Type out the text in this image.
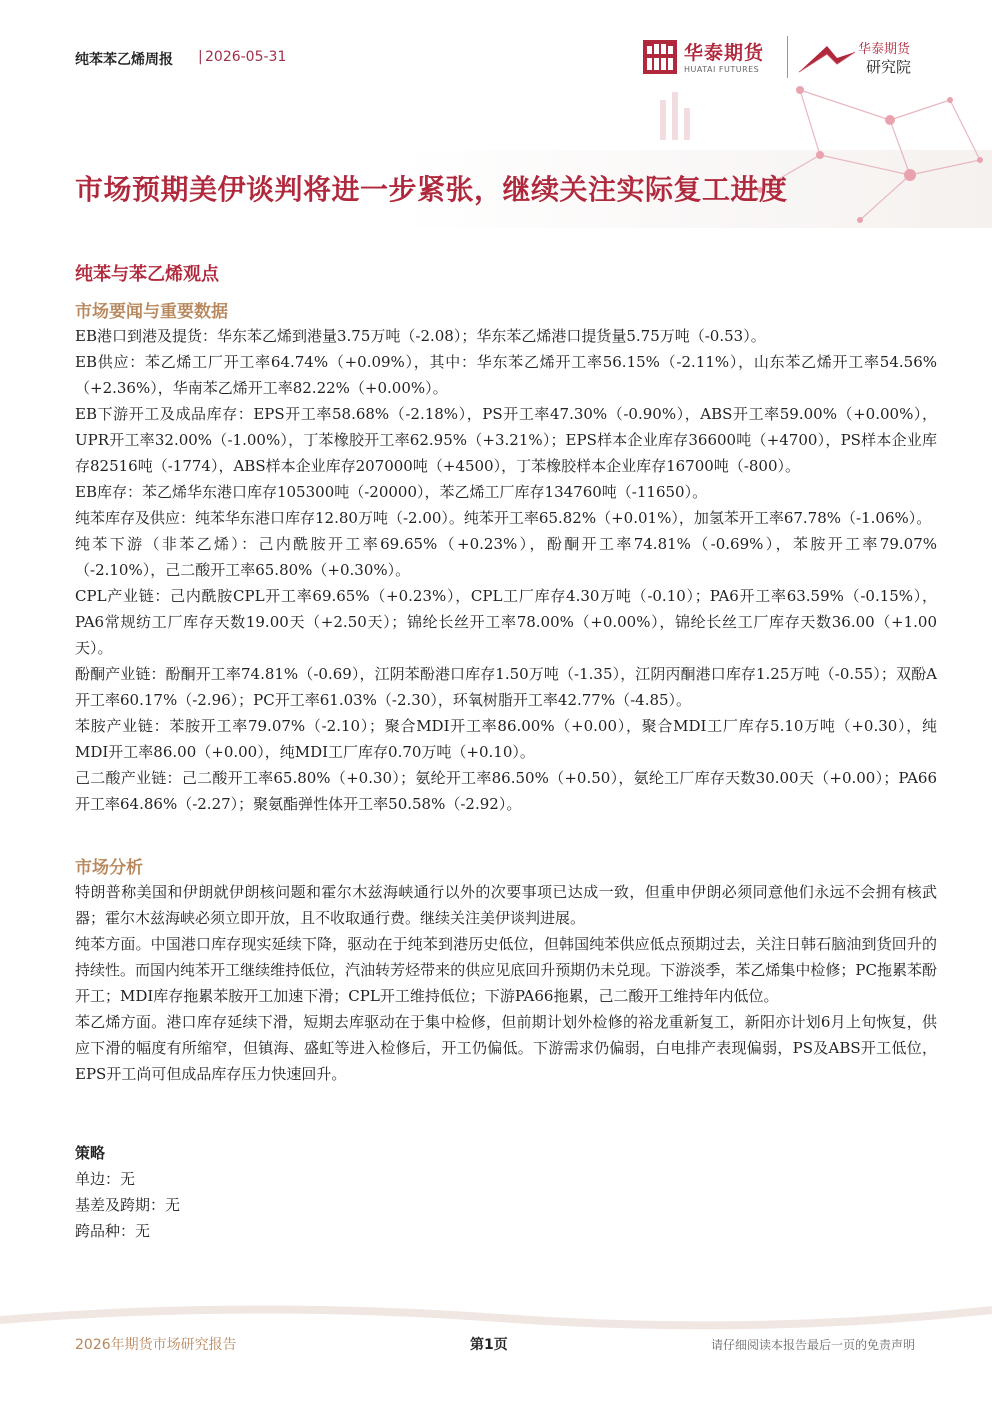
纯苯苯乙烯周报 | 2026-05-31	华泰期货
HUATAI FUTURES
华泰期货
研究院
市场预期美伊谈判将进一步紧张，继续关注实际复工进度
纯苯与苯乙烯观点
市场要闻与重要数据
EB港口到港及提货：华东苯乙烯到港量3.75万吨（-2.08）；华东苯乙烯港口提货量5.75万吨（-0.53）。
EB供应：苯乙烯工厂开工率64.74%（+0.09%），其中：华东苯乙烯开工率56.15%（-2.11%），山东苯乙烯开工率54.56%（+2.36%），华南苯乙烯开工率82.22%（+0.00%）。
EB下游开工及成品库存：EPS开工率58.68%（-2.18%），PS开工率47.30%（-0.90%），ABS开工率59.00%（+0.00%），UPR开工率32.00%（-1.00%），丁苯橡胶开工率62.95%（+3.21%）；EPS样本企业库存36600吨（+4700），PS样本企业库存82516吨（-1774），ABS样本企业库存207000吨（+4500），丁苯橡胶样本企业库存16700吨（-800）。
EB库存：苯乙烯华东港口库存105300吨（-20000），苯乙烯工厂库存134760吨（-11650）。
纯苯库存及供应：纯苯华东港口库存12.80万吨（-2.00）。纯苯开工率65.82%（+0.01%），加氢苯开工率67.78%（-1.06%）。
纯苯下游（非苯乙烯）：己内酰胺开工率69.65%（+0.23%），酚酮开工率74.81%（-0.69%），苯胺开工率79.07%（-2.10%），己二酸开工率65.80%（+0.30%）。
CPL产业链：己内酰胺CPL开工率69.65%（+0.23%），CPL工厂库存4.30万吨（-0.10）；PA6开工率63.59%（-0.15%），PA6常规纺工厂库存天数19.00天（+2.50天）；锦纶长丝开工率78.00%（+0.00%），锦纶长丝工厂库存天数36.00（+1.00天）。
酚酮产业链：酚酮开工率74.81%（-0.69），江阴苯酚港口库存1.50万吨（-1.35），江阴丙酮港口库存1.25万吨（-0.55）；双酚A开工率60.17%（-2.96）；PC开工率61.03%（-2.30），环氧树脂开工率42.77%（-4.85）。
苯胺产业链：苯胺开工率79.07%（-2.10）；聚合MDI开工率86.00%（+0.00），聚合MDI工厂库存5.10万吨（+0.30），纯MDI开工率86.00（+0.00），纯MDI工厂库存0.70万吨（+0.10）。
己二酸产业链：己二酸开工率65.80%（+0.30）；氨纶开工率86.50%（+0.50），氨纶工厂库存天数30.00天（+0.00）；PA66开工率64.86%（-2.27）；聚氨酯弹性体开工率50.58%（-2.92）。
市场分析
特朗普称美国和伊朗就伊朗核问题和霍尔木兹海峡通行以外的次要事项已达成一致，但重申伊朗必须同意他们永远不会拥有核武器；霍尔木兹海峡必须立即开放，且不收取通行费。继续关注美伊谈判进展。
纯苯方面。中国港口库存现实延续下降，驱动在于纯苯到港历史低位，但韩国纯苯供应低点预期过去，关注日韩石脑油到货回升的持续性。而国内纯苯开工继续维持低位，汽油转芳烃带来的供应见底回升预期仍未兑现。下游淡季，苯乙烯集中检修；PC拖累苯酚开工；MDI库存拖累苯胺开工加速下滑；CPL开工维持低位；下游PA66拖累，己二酸开工维持年内低位。
苯乙烯方面。港口库存延续下滑，短期去库驱动在于集中检修，但前期计划外检修的裕龙重新复工，新阳亦计划6月上旬恢复，供应下滑的幅度有所缩窄，但镇海、盛虹等进入检修后，开工仍偏低。下游需求仍偏弱，白电排产表现偏弱，PS及ABS开工低位，EPS开工尚可但成品库存压力快速回升。
策略
单边：无
基差及跨期：无
跨品种：无
2026年期货市场研究报告	第1页	请仔细阅读本报告最后一页的免责声明
